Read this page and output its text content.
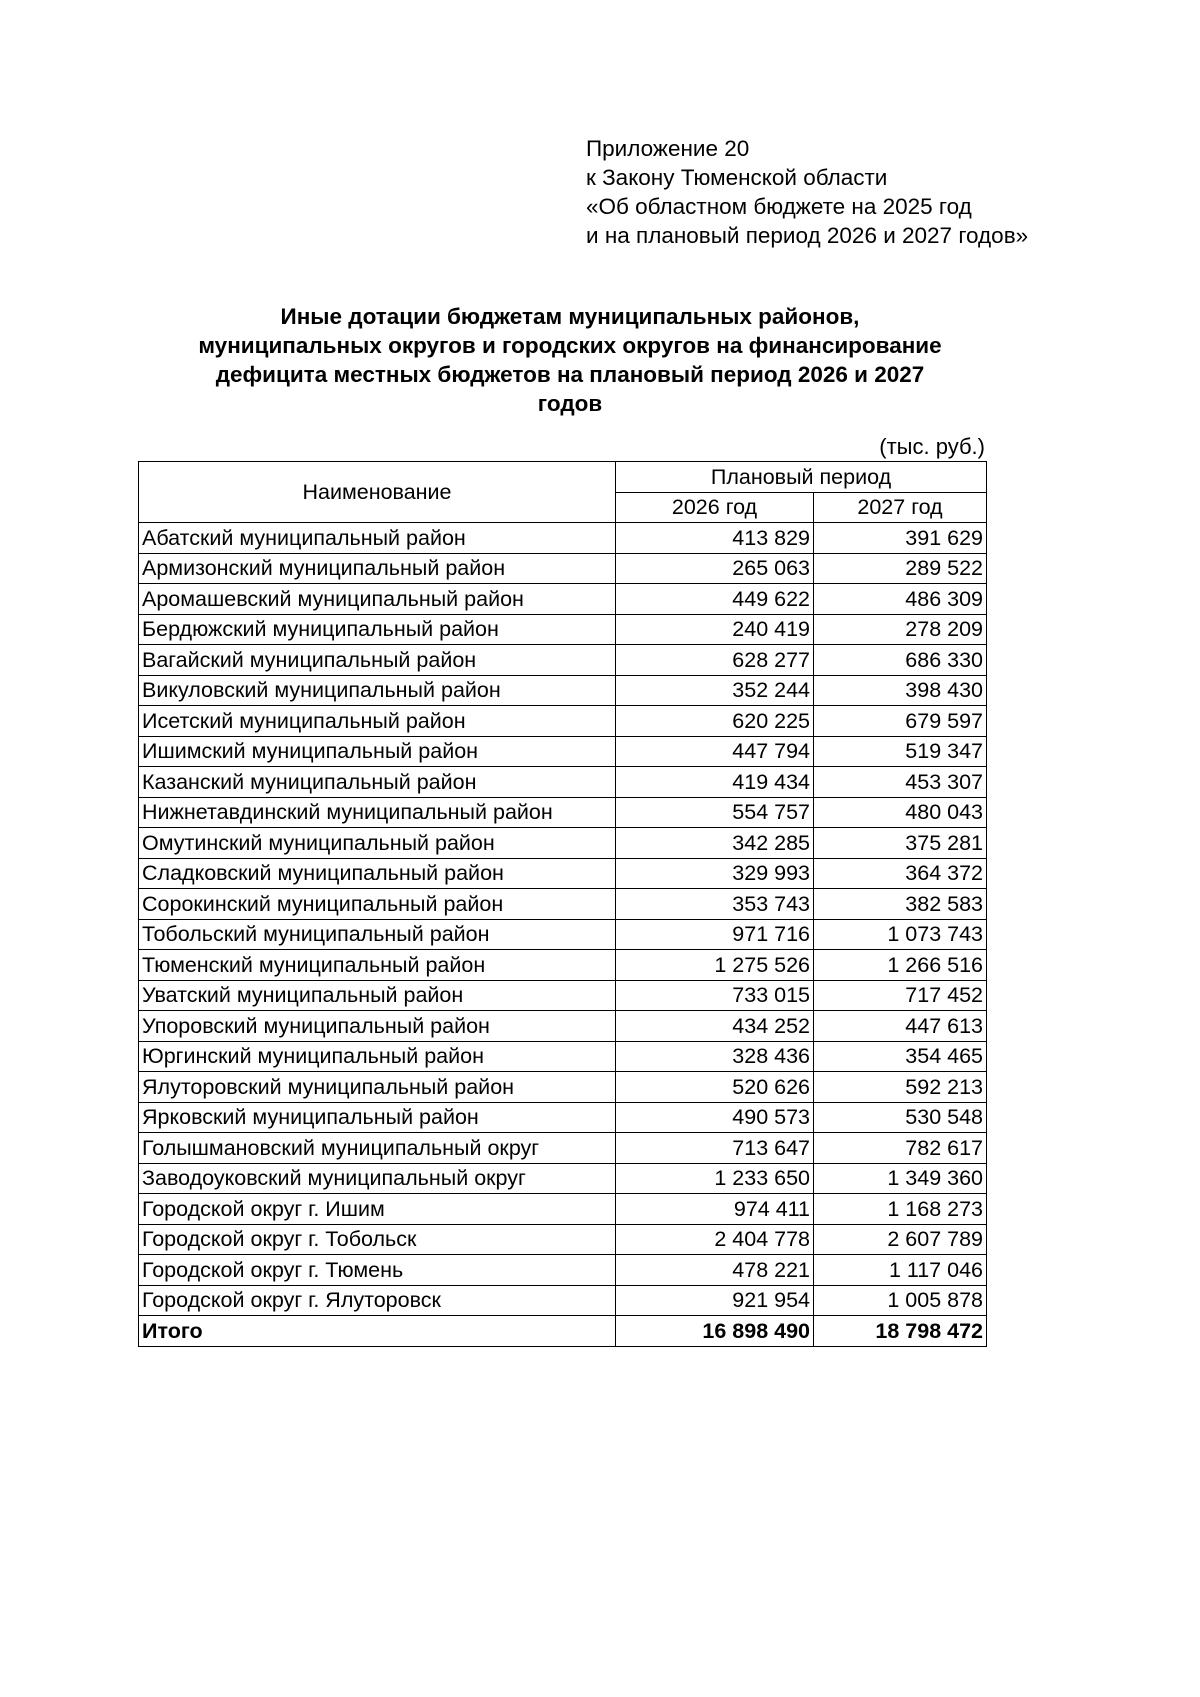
Приложение 20
к Закону Тюменской области
«Об областном бюджете на 2025 год
и на плановый период 2026 и 2027 годов»
Иные дотации бюджетам муниципальных районов,
муниципальных округов и городских округов на финансирование
дефицита местных бюджетов на плановый период 2026 и 2027
годов
(тыс. руб.)
Наименование	Плановый период	
	2026 год	2027 год
Абатский муниципальный район	413 829	391 629
Армизонский муниципальный район	265 063	289 522
Аромашевский муниципальный район	449 622	486 309
Бердюжский муниципальный район	240 419	278 209
Вагайский муниципальный район	628 277	686 330
Викуловский муниципальный район	352 244	398 430
Исетский муниципальный район	620 225	679 597
Ишимский муниципальный район	447 794	519 347
Казанский муниципальный район	419 434	453 307
Нижнетавдинский муниципальный район	554 757	480 043
Омутинский муниципальный район	342 285	375 281
Сладковский муниципальный район	329 993	364 372
Сорокинский муниципальный район	353 743	382 583
Тобольский муниципальный район	971 716	1 073 743
Тюменский муниципальный район	1 275 526	1 266 516
Уватский муниципальный район	733 015	717 452
Упоровский муниципальный район	434 252	447 613
Юргинский муниципальный район	328 436	354 465
Ялуторовский муниципальный район	520 626	592 213
Ярковский муниципальный район	490 573	530 548
Голышмановский муниципальный округ	713 647	782 617
Заводоуковский муниципальный округ	1 233 650	1 349 360
Городской округ г. Ишим	974 411	1 168 273
Городской округ г. Тобольск	2 404 778	2 607 789
Городской округ г. Тюмень	478 221	1 117 046
Городской округ г. Ялуторовск	921 954	1 005 878
Итого	16 898 490	18 798 472
